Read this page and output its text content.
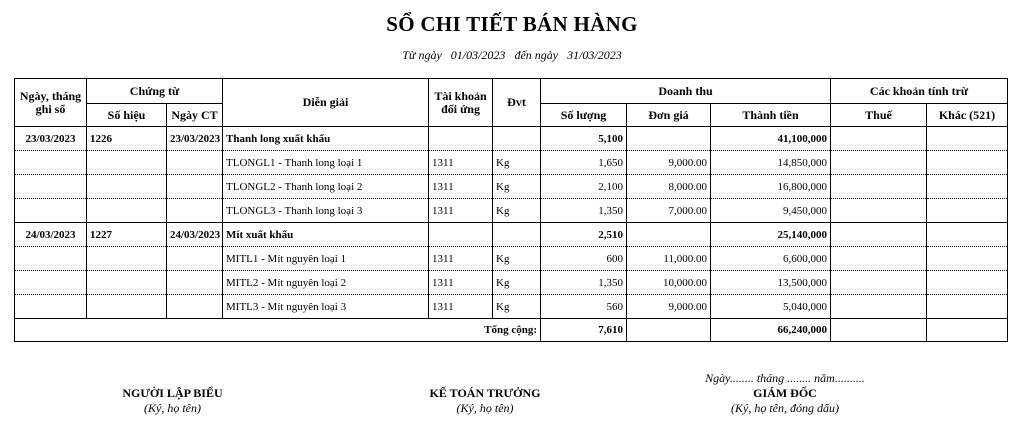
SỔ CHI TIẾT BÁN HÀNG
Từ ngày 01/03/2023 đến ngày 31/03/2023
Ngày, tháng ghi sổ	Chứng từ		Diễn giải	Tài khoản đối ứng	Đvt	Doanh thu			Các khoản tính trừ	
	Số hiệu	Ngày CT				Số lượng	Đơn giá	Thành tiền	Thuế	Khác (521)
23/03/2023	1226	23/03/2023	Thanh long xuất khẩu			5,100		41,100,000		
			TLONGL1 - Thanh long loại 1	1311	Kg	1,650	9,000.00	14,850,000		
			TLONGL2 - Thanh long loại 2	1311	Kg	2,100	8,000.00	16,800,000		
			TLONGL3 - Thanh long loại 3	1311	Kg	1,350	7,000.00	9,450,000		
24/03/2023	1227	24/03/2023	Mít xuất khẩu			2,510		25,140,000		
			MITL1 - Mít nguyên loại 1	1311	Kg	600	11,000.00	6,600,000		
			MITL2 - Mít nguyên loại 2	1311	Kg	1,350	10,000.00	13,500,000		
			MITL3 - Mít nguyên loại 3	1311	Kg	560	9,000.00	5,040,000		
Tổng cộng:						7,610		66,240,000		
NGƯỜI LẬP BIỂU
(Ký, họ tên)
KẾ TOÁN TRƯỞNG
(Ký, họ tên)
Ngày........ tháng ........ năm..........
GIÁM ĐỐC
(Ký, họ tên, đóng dấu)
